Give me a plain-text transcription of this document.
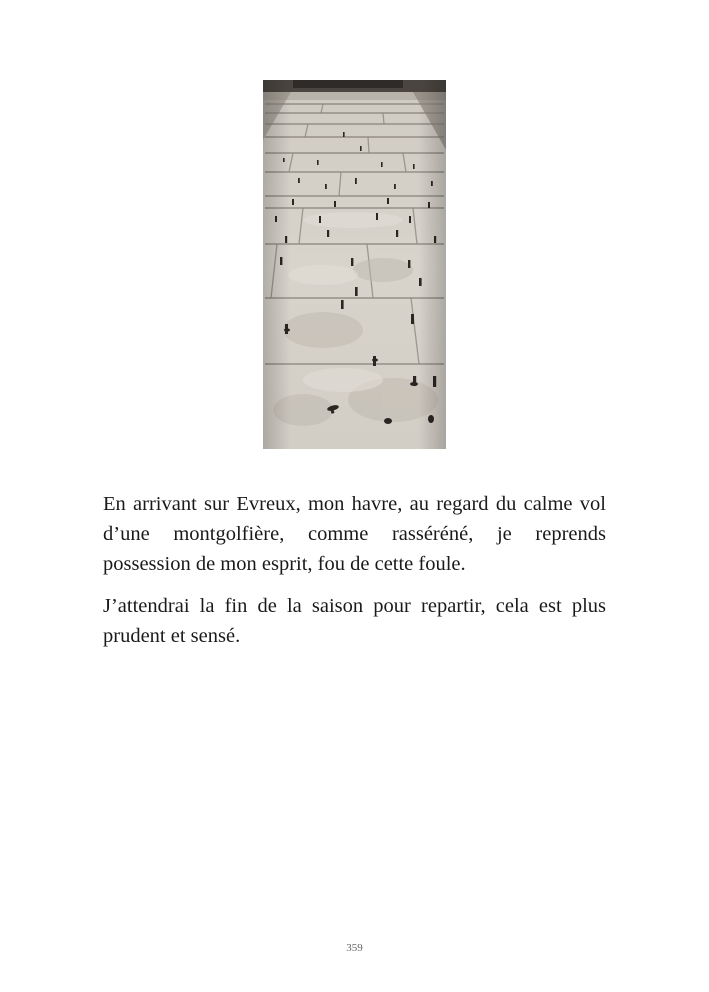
En arrivant sur Evreux, mon havre, au regard du calme vol d’une montgolfière, comme rasséréné, je reprends possession de mon esprit, fou de cette foule.

J’attendrai la fin de la saison pour repartir, cela est plus prudent et sensé.

359
